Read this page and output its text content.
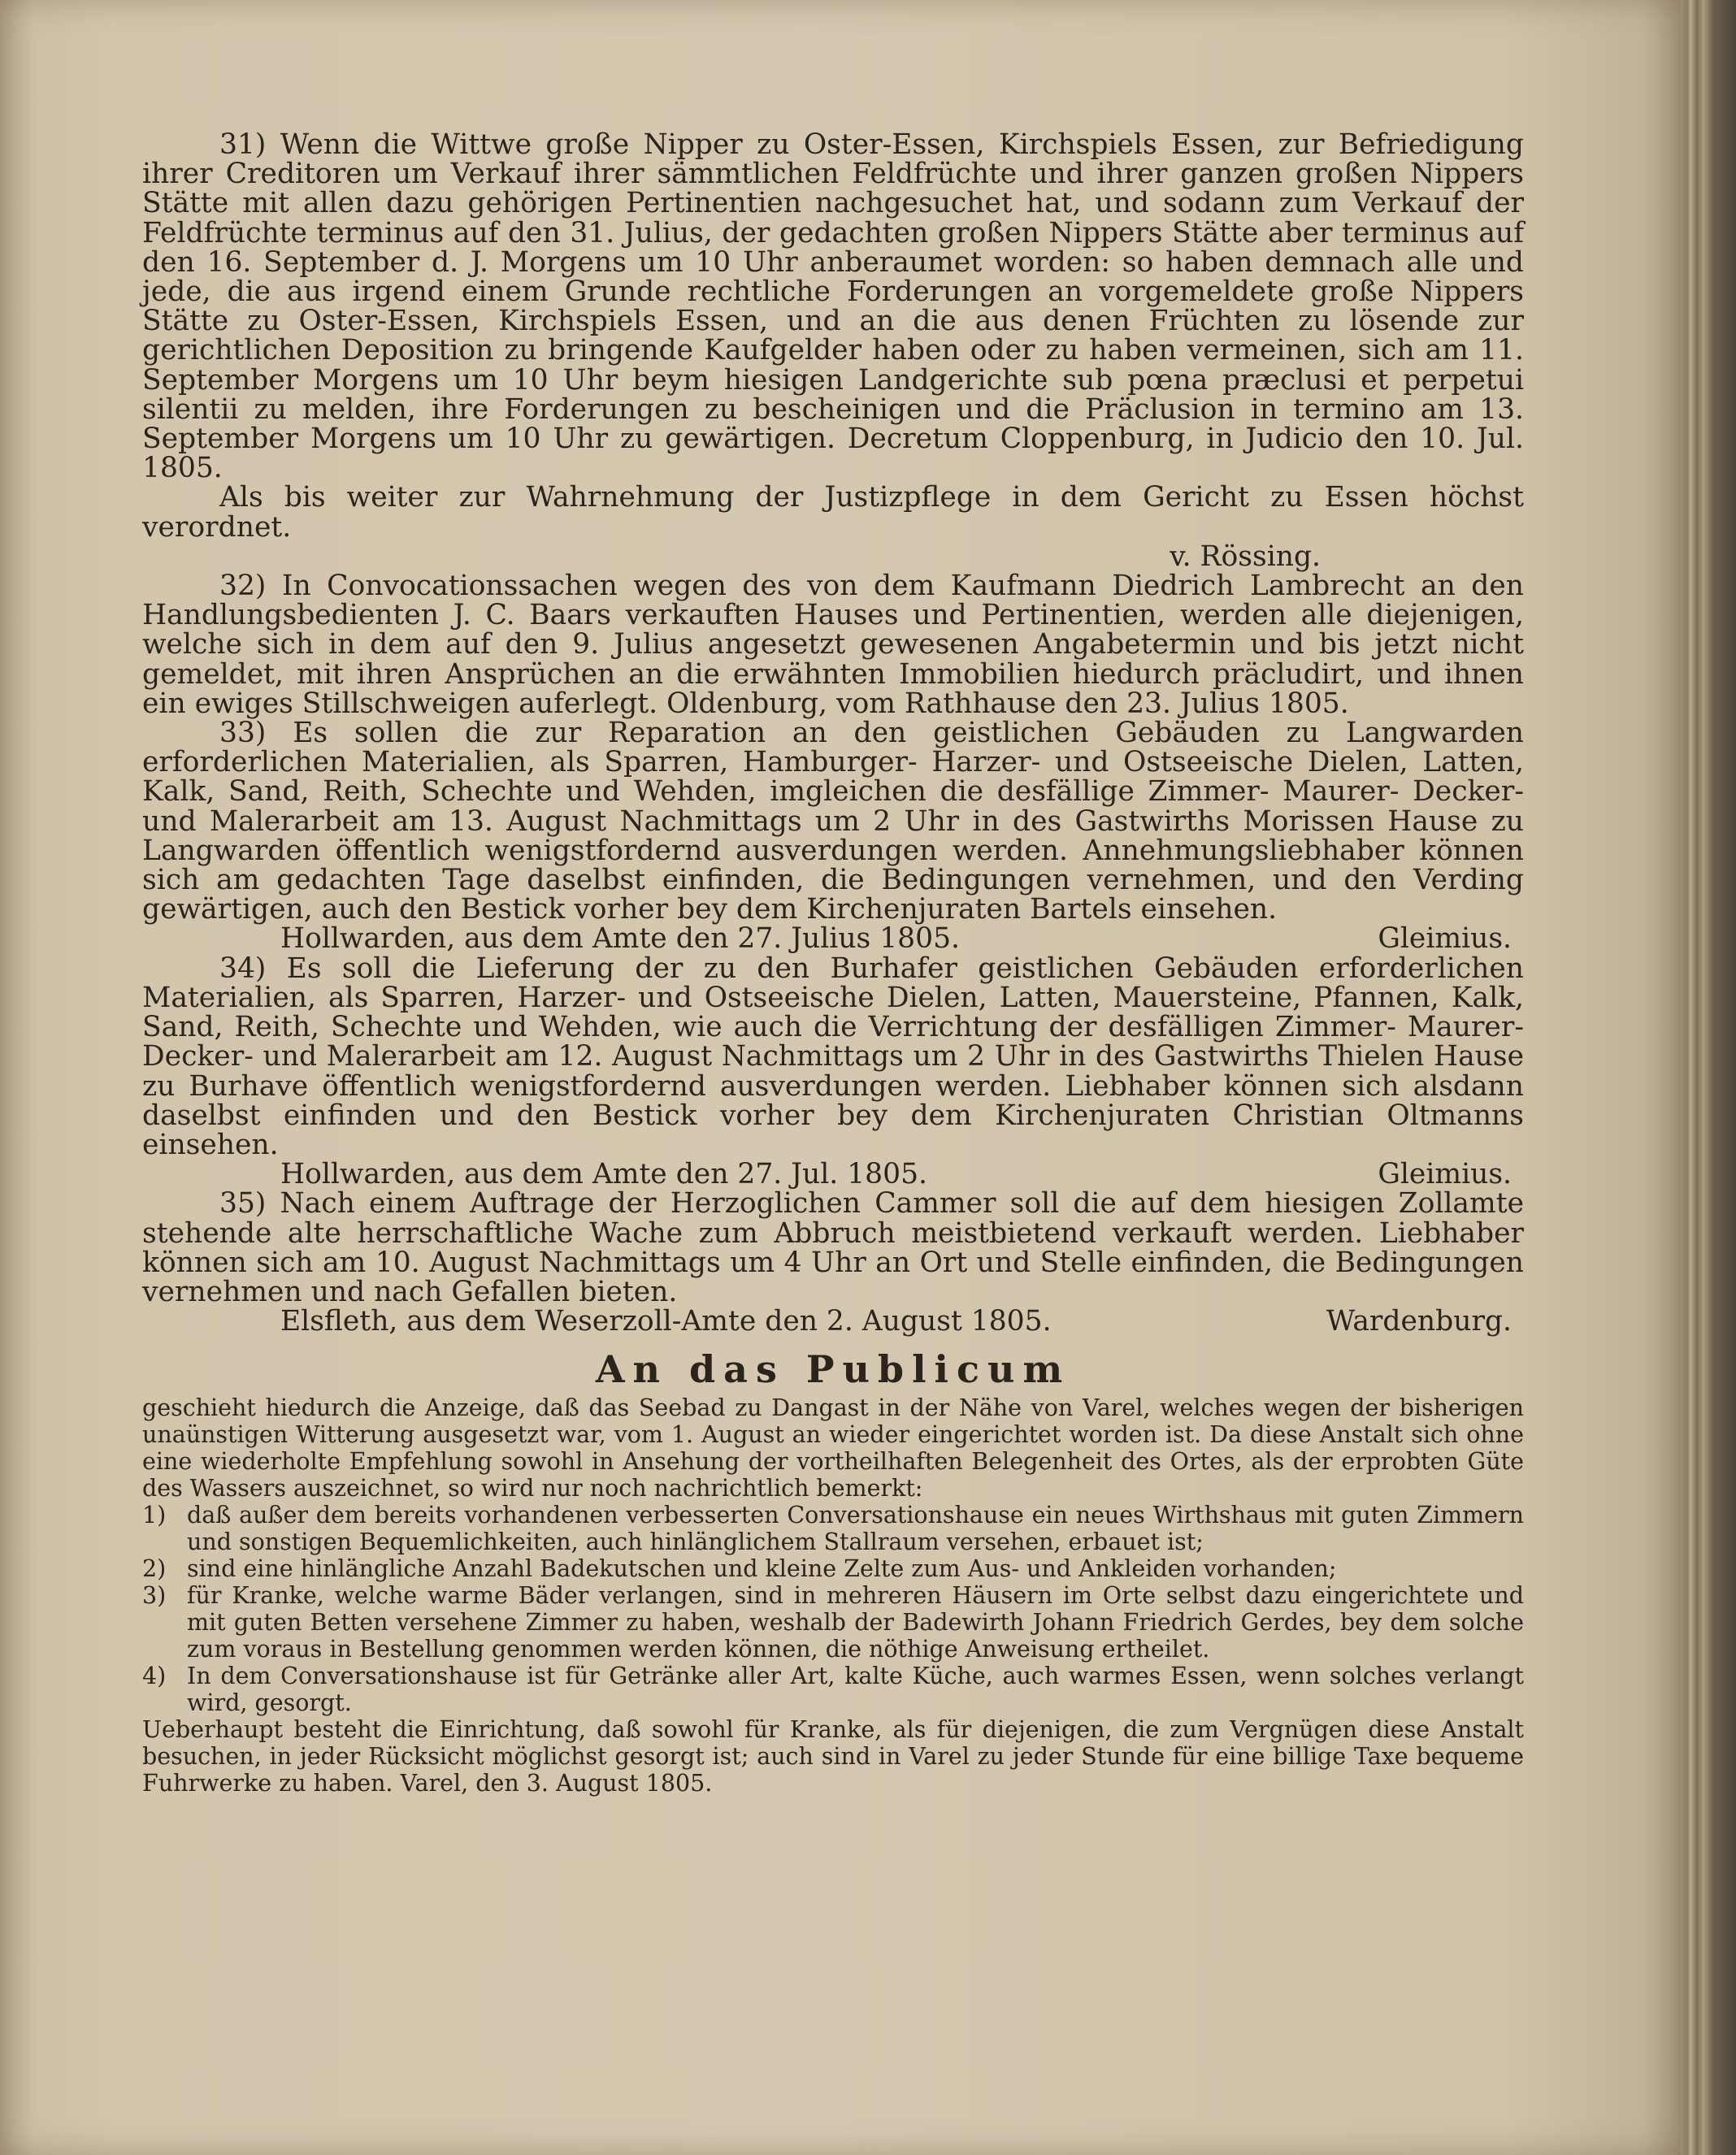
31) Wenn die Wittwe große Nipper zu Oster-Essen, Kirchspiels Essen, zur Befriedigung ihrer Creditoren um Verkauf ihrer sämmtlichen Feldfrüchte und ihrer ganzen großen Nippers Stätte mit allen dazu gehörigen Pertinentien nachgesuchet hat, und sodann zum Verkauf der Feldfrüchte terminus auf den 31. Julius, der gedachten großen Nippers Stätte aber terminus auf den 16. September d. J. Morgens um 10 Uhr anberaumet worden: so haben demnach alle und jede, die aus irgend einem Grunde rechtliche Forderungen an vorgemeldete große Nippers Stätte zu Oster-Essen, Kirchspiels Essen, und an die aus denen Früchten zu lösende zur gerichtlichen Deposition zu bringende Kaufgelder haben oder zu haben vermeinen, sich am 11. September Morgens um 10 Uhr beym hiesigen Landgerichte sub pœna præclusi et perpetui silentii zu melden, ihre Forderungen zu bescheinigen und die Präclusion in termino am 13. September Morgens um 10 Uhr zu gewärtigen. Decretum Cloppenburg, in Judicio den 10. Jul. 1805.

Als bis weiter zur Wahrnehmung der Justizpflege in dem Gericht zu Essen höchst verordnet.

v. Rössing.

32) In Convocationssachen wegen des von dem Kaufmann Diedrich Lambrecht an den Handlungsbedienten J. C. Baars verkauften Hauses und Pertinentien, werden alle diejenigen, welche sich in dem auf den 9. Julius angesetzt gewesenen Angabetermin und bis jetzt nicht gemeldet, mit ihren Ansprüchen an die erwähnten Immobilien hiedurch präcludirt, und ihnen ein ewiges Stillschweigen auferlegt. Oldenburg, vom Rathhause den 23. Julius 1805.

33) Es sollen die zur Reparation an den geistlichen Gebäuden zu Langwarden erforderlichen Materialien, als Sparren, Hamburger- Harzer- und Ostseeische Dielen, Latten, Kalk, Sand, Reith, Schechte und Wehden, imgleichen die desfällige Zimmer- Maurer- Decker- und Malerarbeit am 13. August Nachmittags um 2 Uhr in des Gastwirths Morissen Hause zu Langwarden öffentlich wenigstfordernd ausverdungen werden. Annehmungsliebhaber können sich am gedachten Tage daselbst einfinden, die Bedingungen vernehmen, und den Verding gewärtigen, auch den Bestick vorher bey dem Kirchenjuraten Bartels einsehen.

Hollwarden, aus dem Amte den 27. Julius 1805.	Gleimius.

34) Es soll die Lieferung der zu den Burhafer geistlichen Gebäuden erforderlichen Materialien, als Sparren, Harzer- und Ostseeische Dielen, Latten, Mauersteine, Pfannen, Kalk, Sand, Reith, Schechte und Wehden, wie auch die Verrichtung der desfälligen Zimmer- Maurer- Decker- und Malerarbeit am 12. August Nachmittags um 2 Uhr in des Gastwirths Thielen Hause zu Burhave öffentlich wenigstfordernd ausverdungen werden. Liebhaber können sich alsdann daselbst einfinden und den Bestick vorher bey dem Kirchenjuraten Christian Oltmanns einsehen.

Hollwarden, aus dem Amte den 27. Jul. 1805.	Gleimius.

35) Nach einem Auftrage der Herzoglichen Cammer soll die auf dem hiesigen Zollamte stehende alte herrschaftliche Wache zum Abbruch meistbietend verkauft werden. Liebhaber können sich am 10. August Nachmittags um 4 Uhr an Ort und Stelle einfinden, die Bedingungen vernehmen und nach Gefallen bieten.

Elsfleth, aus dem Weserzoll-Amte den 2. August 1805.	Wardenburg.
An das Publicum

geschieht hiedurch die Anzeige, daß das Seebad zu Dangast in der Nähe von Varel, welches wegen der bisherigen unaünstigen Witterung ausgesetzt war, vom 1. August an wieder eingerichtet worden ist. Da diese Anstalt sich ohne eine wiederholte Empfehlung sowohl in Ansehung der vortheilhaften Belegenheit des Ortes, als der erprobten Güte des Wassers auszeichnet, so wird nur noch nachrichtlich bemerkt:

1) daß außer dem bereits vorhandenen verbesserten Conversationshause ein neues Wirthshaus mit guten Zimmern und sonstigen Bequemlichkeiten, auch hinlänglichem Stallraum versehen, erbauet ist;
2) sind eine hinlängliche Anzahl Badekutschen und kleine Zelte zum Aus- und Ankleiden vorhanden;
3) für Kranke, welche warme Bäder verlangen, sind in mehreren Häusern im Orte selbst dazu eingerichtete und mit guten Betten versehene Zimmer zu haben, weshalb der Badewirth Johann Friedrich Gerdes, bey dem solche zum voraus in Bestellung genommen werden können, die nöthige Anweisung ertheilet.
4) In dem Conversationshause ist für Getränke aller Art, kalte Küche, auch warmes Essen, wenn solches verlangt wird, gesorgt.

Ueberhaupt besteht die Einrichtung, daß sowohl für Kranke, als für diejenigen, die zum Vergnügen diese Anstalt besuchen, in jeder Rücksicht möglichst gesorgt ist; auch sind in Varel zu jeder Stunde für eine billige Taxe bequeme Fuhrwerke zu haben. Varel, den 3. August 1805.
